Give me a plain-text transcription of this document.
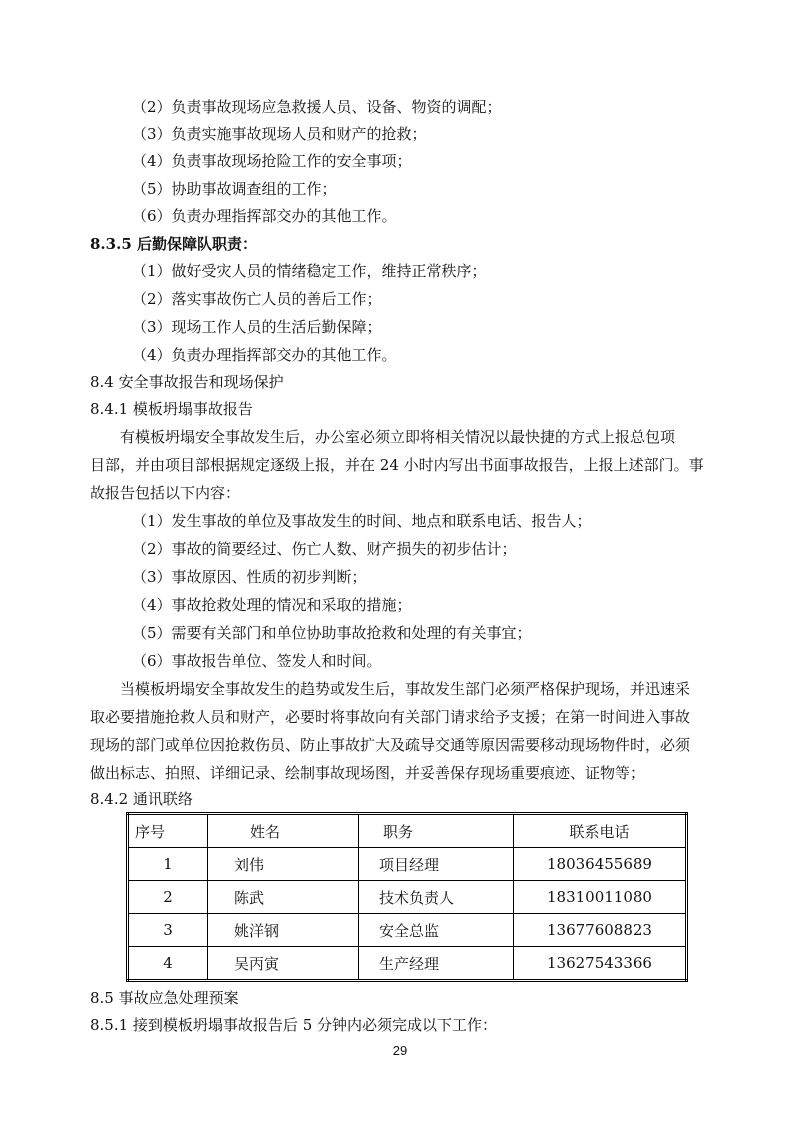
（2）负责事故现场应急救援人员、设备、物资的调配；
（3）负责实施事故现场人员和财产的抢救；
（4）负责事故现场抢险工作的安全事项；
（5）协助事故调查组的工作；
（6）负责办理指挥部交办的其他工作。
8.3.5 后勤保障队职责：
（1）做好受灾人员的情绪稳定工作，维持正常秩序；
（2）落实事故伤亡人员的善后工作；
（3）现场工作人员的生活后勤保障；
（4）负责办理指挥部交办的其他工作。
8.4 安全事故报告和现场保护
8.4.1 模板坍塌事故报告
有模板坍塌安全事故发生后，办公室必须立即将相关情况以最快捷的方式上报总包项
目部，并由项目部根据规定逐级上报，并在 24 小时内写出书面事故报告，上报上述部门。事
故报告包括以下内容：
（1）发生事故的单位及事故发生的时间、地点和联系电话、报告人；
（2）事故的简要经过、伤亡人数、财产损失的初步估计；
（3）事故原因、性质的初步判断；
（4）事故抢救处理的情况和采取的措施；
（5）需要有关部门和单位协助事故抢救和处理的有关事宜；
（6）事故报告单位、签发人和时间。
当模板坍塌安全事故发生的趋势或发生后，事故发生部门必须严格保护现场，并迅速采
取必要措施抢救人员和财产，必要时将事故向有关部门请求给予支援；在第一时间进入事故
现场的部门或单位因抢救伤员、防止事故扩大及疏导交通等原因需要移动现场物件时，必须
做出标志、拍照、详细记录、绘制事故现场图，并妥善保存现场重要痕迹、证物等；
8.4.2 通讯联络
序号	姓名	职务	联系电话
1	刘伟	项目经理	18036455689
2	陈武	技术负责人	18310011080
3	姚洋钢	安全总监	13677608823
4	吴丙寅	生产经理	13627543366
8.5 事故应急处理预案
8.5.1 接到模板坍塌事故报告后 5 分钟内必须完成以下工作：
29
